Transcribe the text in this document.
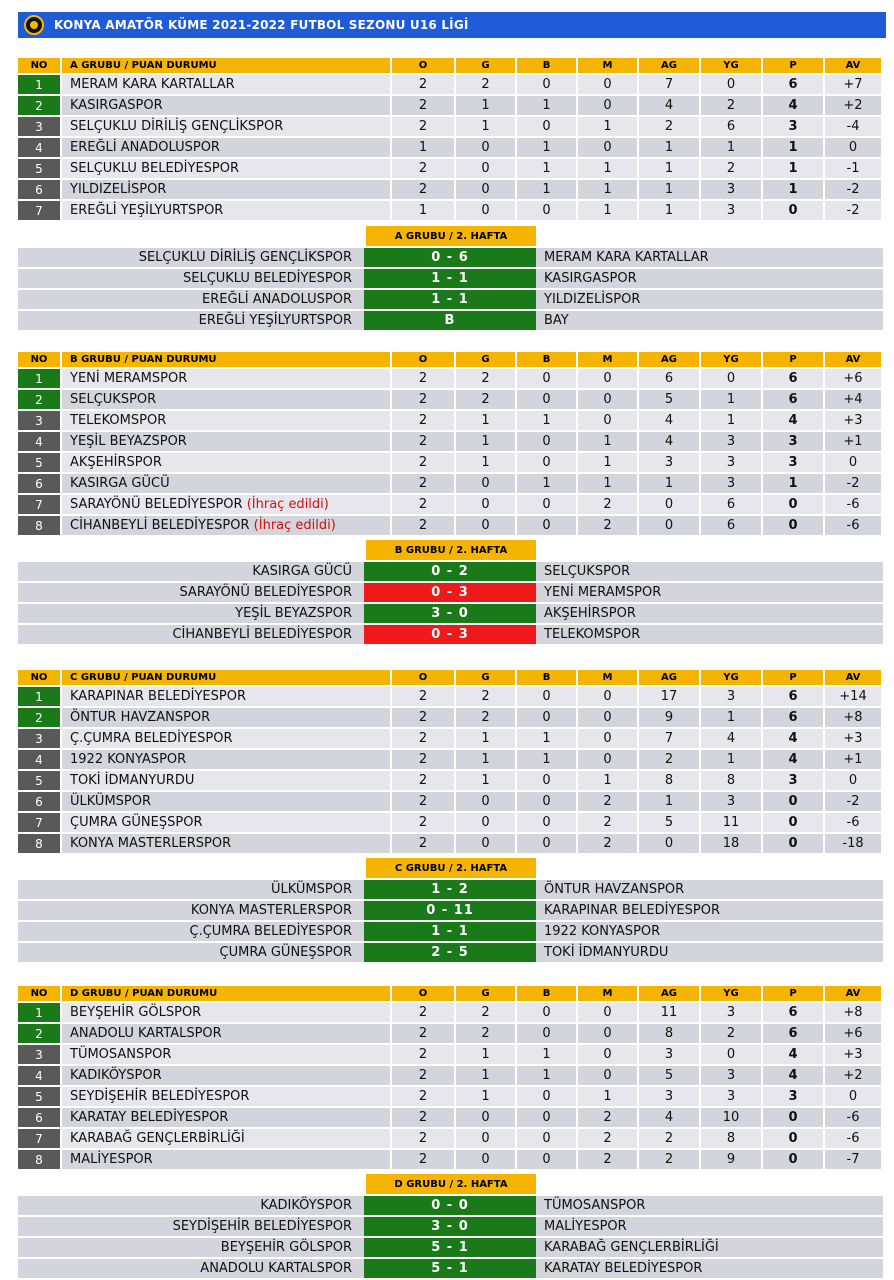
KONYA AMATÖR KÜME 2021-2022 FUTBOL SEZONU U16 LİGİ
NO	A GRUBU / PUAN DURUMU	O	G	B	M	AG	YG	P	AV
1	MERAM KARA KARTALLAR	2	2	0	0	7	0	6	+7
2	KASIRGASPOR	2	1	1	0	4	2	4	+2
3	SELÇUKLU DİRİLİŞ GENÇLİKSPOR	2	1	0	1	2	6	3	-4
4	EREĞLİ ANADOLUSPOR	1	0	1	0	1	1	1	0
5	SELÇUKLU BELEDİYESPOR	2	0	1	1	1	2	1	-1
6	YILDIZELİSPOR	2	0	1	1	1	3	1	-2
7	EREĞLİ YEŞİLYURTSPOR	1	0	0	1	1	3	0	-2
A GRUBU / 2. HAFTA
SELÇUKLU DİRİLİŞ GENÇLİKSPOR	0 - 6	MERAM KARA KARTALLAR
SELÇUKLU BELEDİYESPOR	1 - 1	KASIRGASPOR
EREĞLİ ANADOLUSPOR	1 - 1	YILDIZELİSPOR
EREĞLİ YEŞİLYURTSPOR	B	BAY
NO	B GRUBU / PUAN DURUMU	O	G	B	M	AG	YG	P	AV
1	YENİ MERAMSPOR	2	2	0	0	6	0	6	+6
2	SELÇUKSPOR	2	2	0	0	5	1	6	+4
3	TELEKOMSPOR	2	1	1	0	4	1	4	+3
4	YEŞİL BEYAZSPOR	2	1	0	1	4	3	3	+1
5	AKŞEHİRSPOR	2	1	0	1	3	3	3	0
6	KASIRGA GÜCÜ	2	0	1	1	1	3	1	-2
7	SARAYÖNÜ BELEDİYESPOR (İhraç edildi)	2	0	0	2	0	6	0	-6
8	CİHANBEYLİ BELEDİYESPOR (İhraç edildi)	2	0	0	2	0	6	0	-6
B GRUBU / 2. HAFTA
KASIRGA GÜCÜ	0 - 2	SELÇUKSPOR
SARAYÖNÜ BELEDİYESPOR	0 - 3	YENİ MERAMSPOR
YEŞİL BEYAZSPOR	3 - 0	AKŞEHİRSPOR
CİHANBEYLİ BELEDİYESPOR	0 - 3	TELEKOMSPOR
NO	C GRUBU / PUAN DURUMU	O	G	B	M	AG	YG	P	AV
1	KARAPINAR BELEDİYESPOR	2	2	0	0	17	3	6	+14
2	ÖNTUR HAVZANSPOR	2	2	0	0	9	1	6	+8
3	Ç.ÇUMRA BELEDİYESPOR	2	1	1	0	7	4	4	+3
4	1922 KONYASPOR	2	1	1	0	2	1	4	+1
5	TOKİ İDMANYURDU	2	1	0	1	8	8	3	0
6	ÜLKÜMSPOR	2	0	0	2	1	3	0	-2
7	ÇUMRA GÜNEŞSPOR	2	0	0	2	5	11	0	-6
8	KONYA MASTERLERSPOR	2	0	0	2	0	18	0	-18
C GRUBU / 2. HAFTA
ÜLKÜMSPOR	1 - 2	ÖNTUR HAVZANSPOR
KONYA MASTERLERSPOR	0 - 11	KARAPINAR BELEDİYESPOR
Ç.ÇUMRA BELEDİYESPOR	1 - 1	1922 KONYASPOR
ÇUMRA GÜNEŞSPOR	2 - 5	TOKİ İDMANYURDU
NO	D GRUBU / PUAN DURUMU	O	G	B	M	AG	YG	P	AV
1	BEYŞEHİR GÖLSPOR	2	2	0	0	11	3	6	+8
2	ANADOLU KARTALSPOR	2	2	0	0	8	2	6	+6
3	TÜMOSANSPOR	2	1	1	0	3	0	4	+3
4	KADIKÖYSPOR	2	1	1	0	5	3	4	+2
5	SEYDİŞEHİR BELEDİYESPOR	2	1	0	1	3	3	3	0
6	KARATAY BELEDİYESPOR	2	0	0	2	4	10	0	-6
7	KARABAĞ GENÇLERBİRLİĞİ	2	0	0	2	2	8	0	-6
8	MALİYESPOR	2	0	0	2	2	9	0	-7
D GRUBU / 2. HAFTA
KADIKÖYSPOR	0 - 0	TÜMOSANSPOR
SEYDİŞEHİR BELEDİYESPOR	3 - 0	MALİYESPOR
BEYŞEHİR GÖLSPOR	5 - 1	KARABAĞ GENÇLERBİRLİĞİ
ANADOLU KARTALSPOR	5 - 1	KARATAY BELEDİYESPOR
